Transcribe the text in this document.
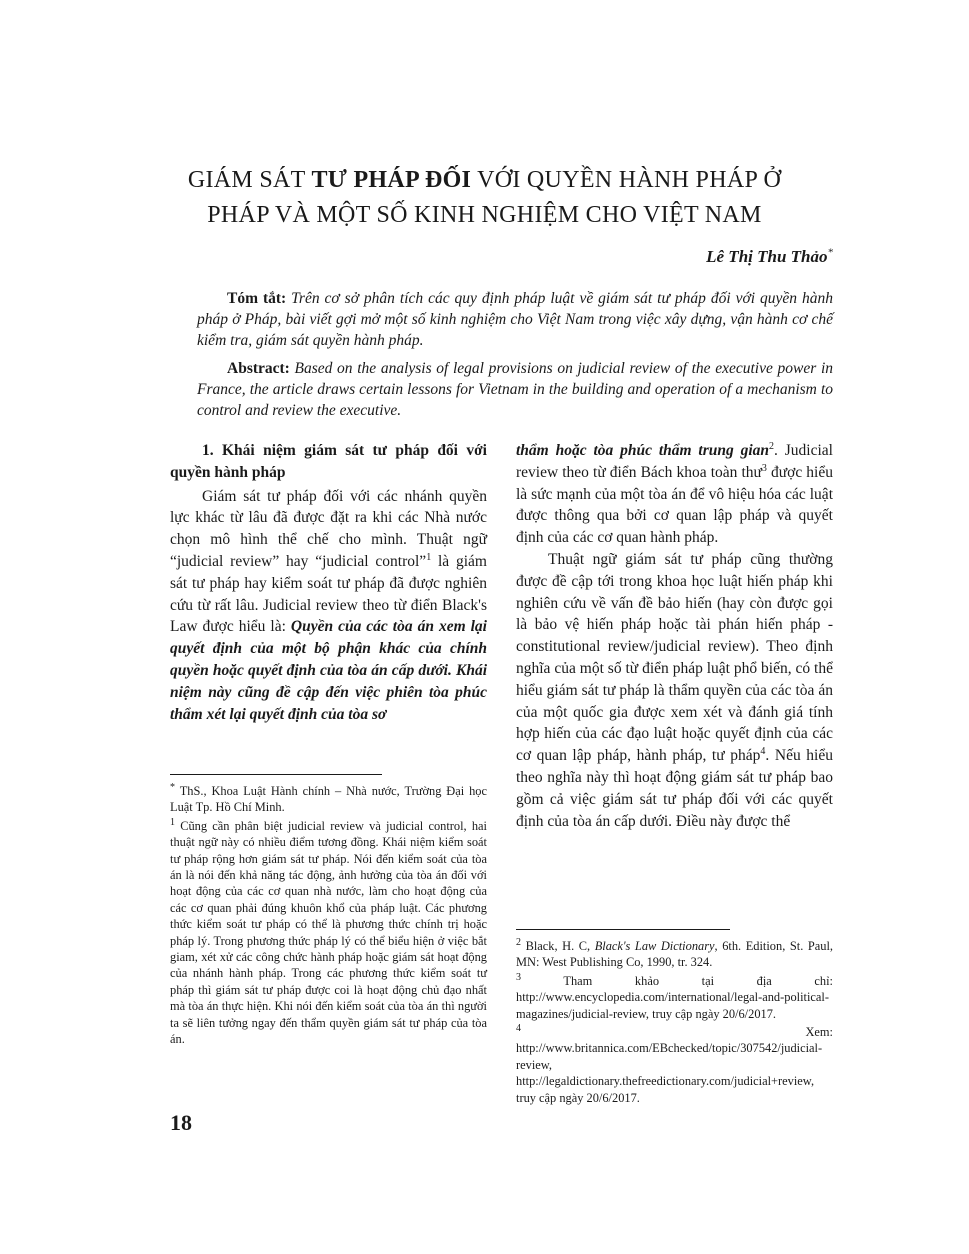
GIÁM SÁT TƯ PHÁP ĐỐI VỚI QUYỀN HÀNH PHÁP Ở
PHÁP VÀ MỘT SỐ KINH NGHIỆM CHO VIỆT NAM
Lê Thị Thu Thảo*
Tóm tắt: Trên cơ sở phân tích các quy định pháp luật về giám sát tư pháp đối với quyền hành pháp ở Pháp, bài viết gợi mở một số kinh nghiệm cho Việt Nam trong việc xây dựng, vận hành cơ chế kiểm tra, giám sát quyền hành pháp.
Abstract: Based on the analysis of legal provisions on judicial review of the executive power in France, the article draws certain lessons for Vietnam in the building and operation of a mechanism to control and review the executive.

1. Khái niệm giám sát tư pháp đối với quyền hành pháp

Giám sát tư pháp đối với các nhánh quyền lực khác từ lâu đã được đặt ra khi các Nhà nước chọn mô hình thể chế cho mình. Thuật ngữ “judicial review” hay “judicial control”$^1$ là giám sát tư pháp hay kiểm soát tư pháp đã được nghiên cứu từ rất lâu. Judicial review theo từ điển Black's Law được hiểu là: Quyền của các tòa án xem lại quyết định của một bộ phận khác của chính quyền hoặc quyết định của tòa án cấp dưới. Khái niệm này cũng đề cập đến việc phiên tòa phúc thẩm xét lại quyết định của tòa sơ

thẩm hoặc tòa phúc thẩm trung gian$^2$. Judicial review theo từ điển Bách khoa toàn thư$^3$ được hiểu là sức mạnh của một tòa án để vô hiệu hóa các luật được thông qua bởi cơ quan lập pháp và quyết định của các cơ quan hành pháp.

Thuật ngữ giám sát tư pháp cũng thường được đề cập tới trong khoa học luật hiến pháp khi nghiên cứu về vấn đề bảo hiến (hay còn được gọi là bảo vệ hiến pháp hoặc tài phán hiến pháp - constitutional review/judicial review). Theo định nghĩa của một số từ điển pháp luật phổ biến, có thể hiểu giám sát tư pháp là thẩm quyền của các tòa án của một quốc gia được xem xét và đánh giá tính hợp hiến của các đạo luật hoặc quyết định của các cơ quan lập pháp, hành pháp, tư pháp$^4$. Nếu hiểu theo nghĩa này thì hoạt động giám sát tư pháp bao gồm cả việc giám sát tư pháp đối với các quyết định của tòa án cấp dưới. Điều này được thể

* ThS., Khoa Luật Hành chính – Nhà nước, Trường Đại học Luật Tp. Hồ Chí Minh.

$^1$ Cũng cần phân biệt judicial review và judicial control, hai thuật ngữ này có nhiều điểm tương đồng. Khái niệm kiểm soát tư pháp rộng hơn giám sát tư pháp. Nói đến kiểm soát của tòa án là nói đến khả năng tác động, ảnh hưởng của tòa án đối với hoạt động của các cơ quan nhà nước, làm cho hoạt động của các cơ quan phải đúng khuôn khổ của pháp luật. Các phương thức kiểm soát tư pháp có thể là phương thức chính trị hoặc pháp lý. Trong phương thức pháp lý có thể biểu hiện ở việc bắt giam, xét xử các công chức hành pháp hoặc giám sát hoạt động của nhánh hành pháp. Trong các phương thức kiểm soát tư pháp thì giám sát tư pháp được coi là hoạt động chủ đạo nhất mà tòa án thực hiện. Khi nói đến kiểm soát của tòa án thì người ta sẽ liên tưởng ngay đến thẩm quyền giám sát tư pháp của tòa án.

$^2$ Black, H. C, Black's Law Dictionary, 6th. Edition, St. Paul, MN: West Publishing Co, 1990, tr. 324.

$^3$ Tham khảo tại địa chỉ: http://www.encyclopedia.com/international/legal-and-political-magazines/judicial-review, truy cập ngày 20/6/2017.

$^4$ Xem: http://www.britannica.com/EBchecked/topic/307542/judicial-review, http://legaldictionary.thefreedictionary.com/judicial+review, truy cập ngày 20/6/2017.

18
